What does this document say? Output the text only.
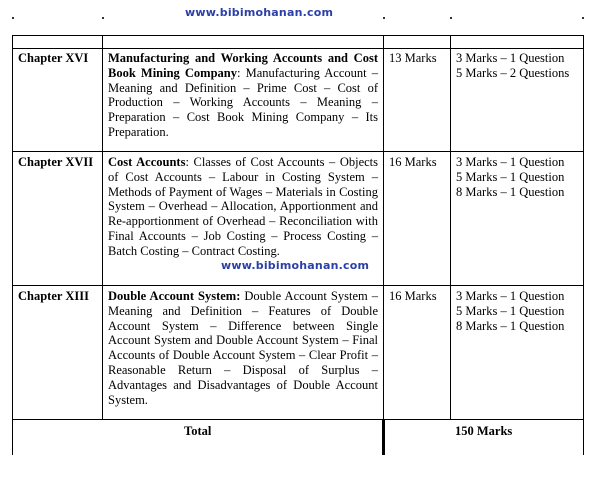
www.bibimohanan.com
www.bibimohanan.com
Chapter XVI Manufacturing and Working Accounts and Cost Book Mining Company: Manufacturing Account – Meaning and Definition – Prime Cost – Cost of Production – Working Accounts – Meaning – Preparation – Cost Book Mining Company – Its Preparation.
13 Marks 3 Marks – 1 Question
5 Marks – 2 Questions
Chapter XVII Cost Accounts: Classes of Cost Accounts – Objects of Cost Accounts – Labour in Costing System – Methods of Payment of Wages – Materials in Costing System – Overhead – Allocation, Apportionment and Re-apportionment of Overhead – Reconciliation with Final Accounts – Job Costing – Process Costing – Batch Costing – Contract Costing.
16 Marks 3 Marks – 1 Question
5 Marks – 1 Question
8 Marks – 1 Question
Chapter XIII Double Account System: Double Account System – Meaning and Definition – Features of Double Account System – Difference between Single Account System and Double Account System – Final Accounts of Double Account System – Clear Profit – Reasonable Return – Disposal of Surplus – Advantages and Disadvantages of Double Account System.
16 Marks 3 Marks – 1 Question
5 Marks – 1 Question
8 Marks – 1 Question
Total	150 Marks
